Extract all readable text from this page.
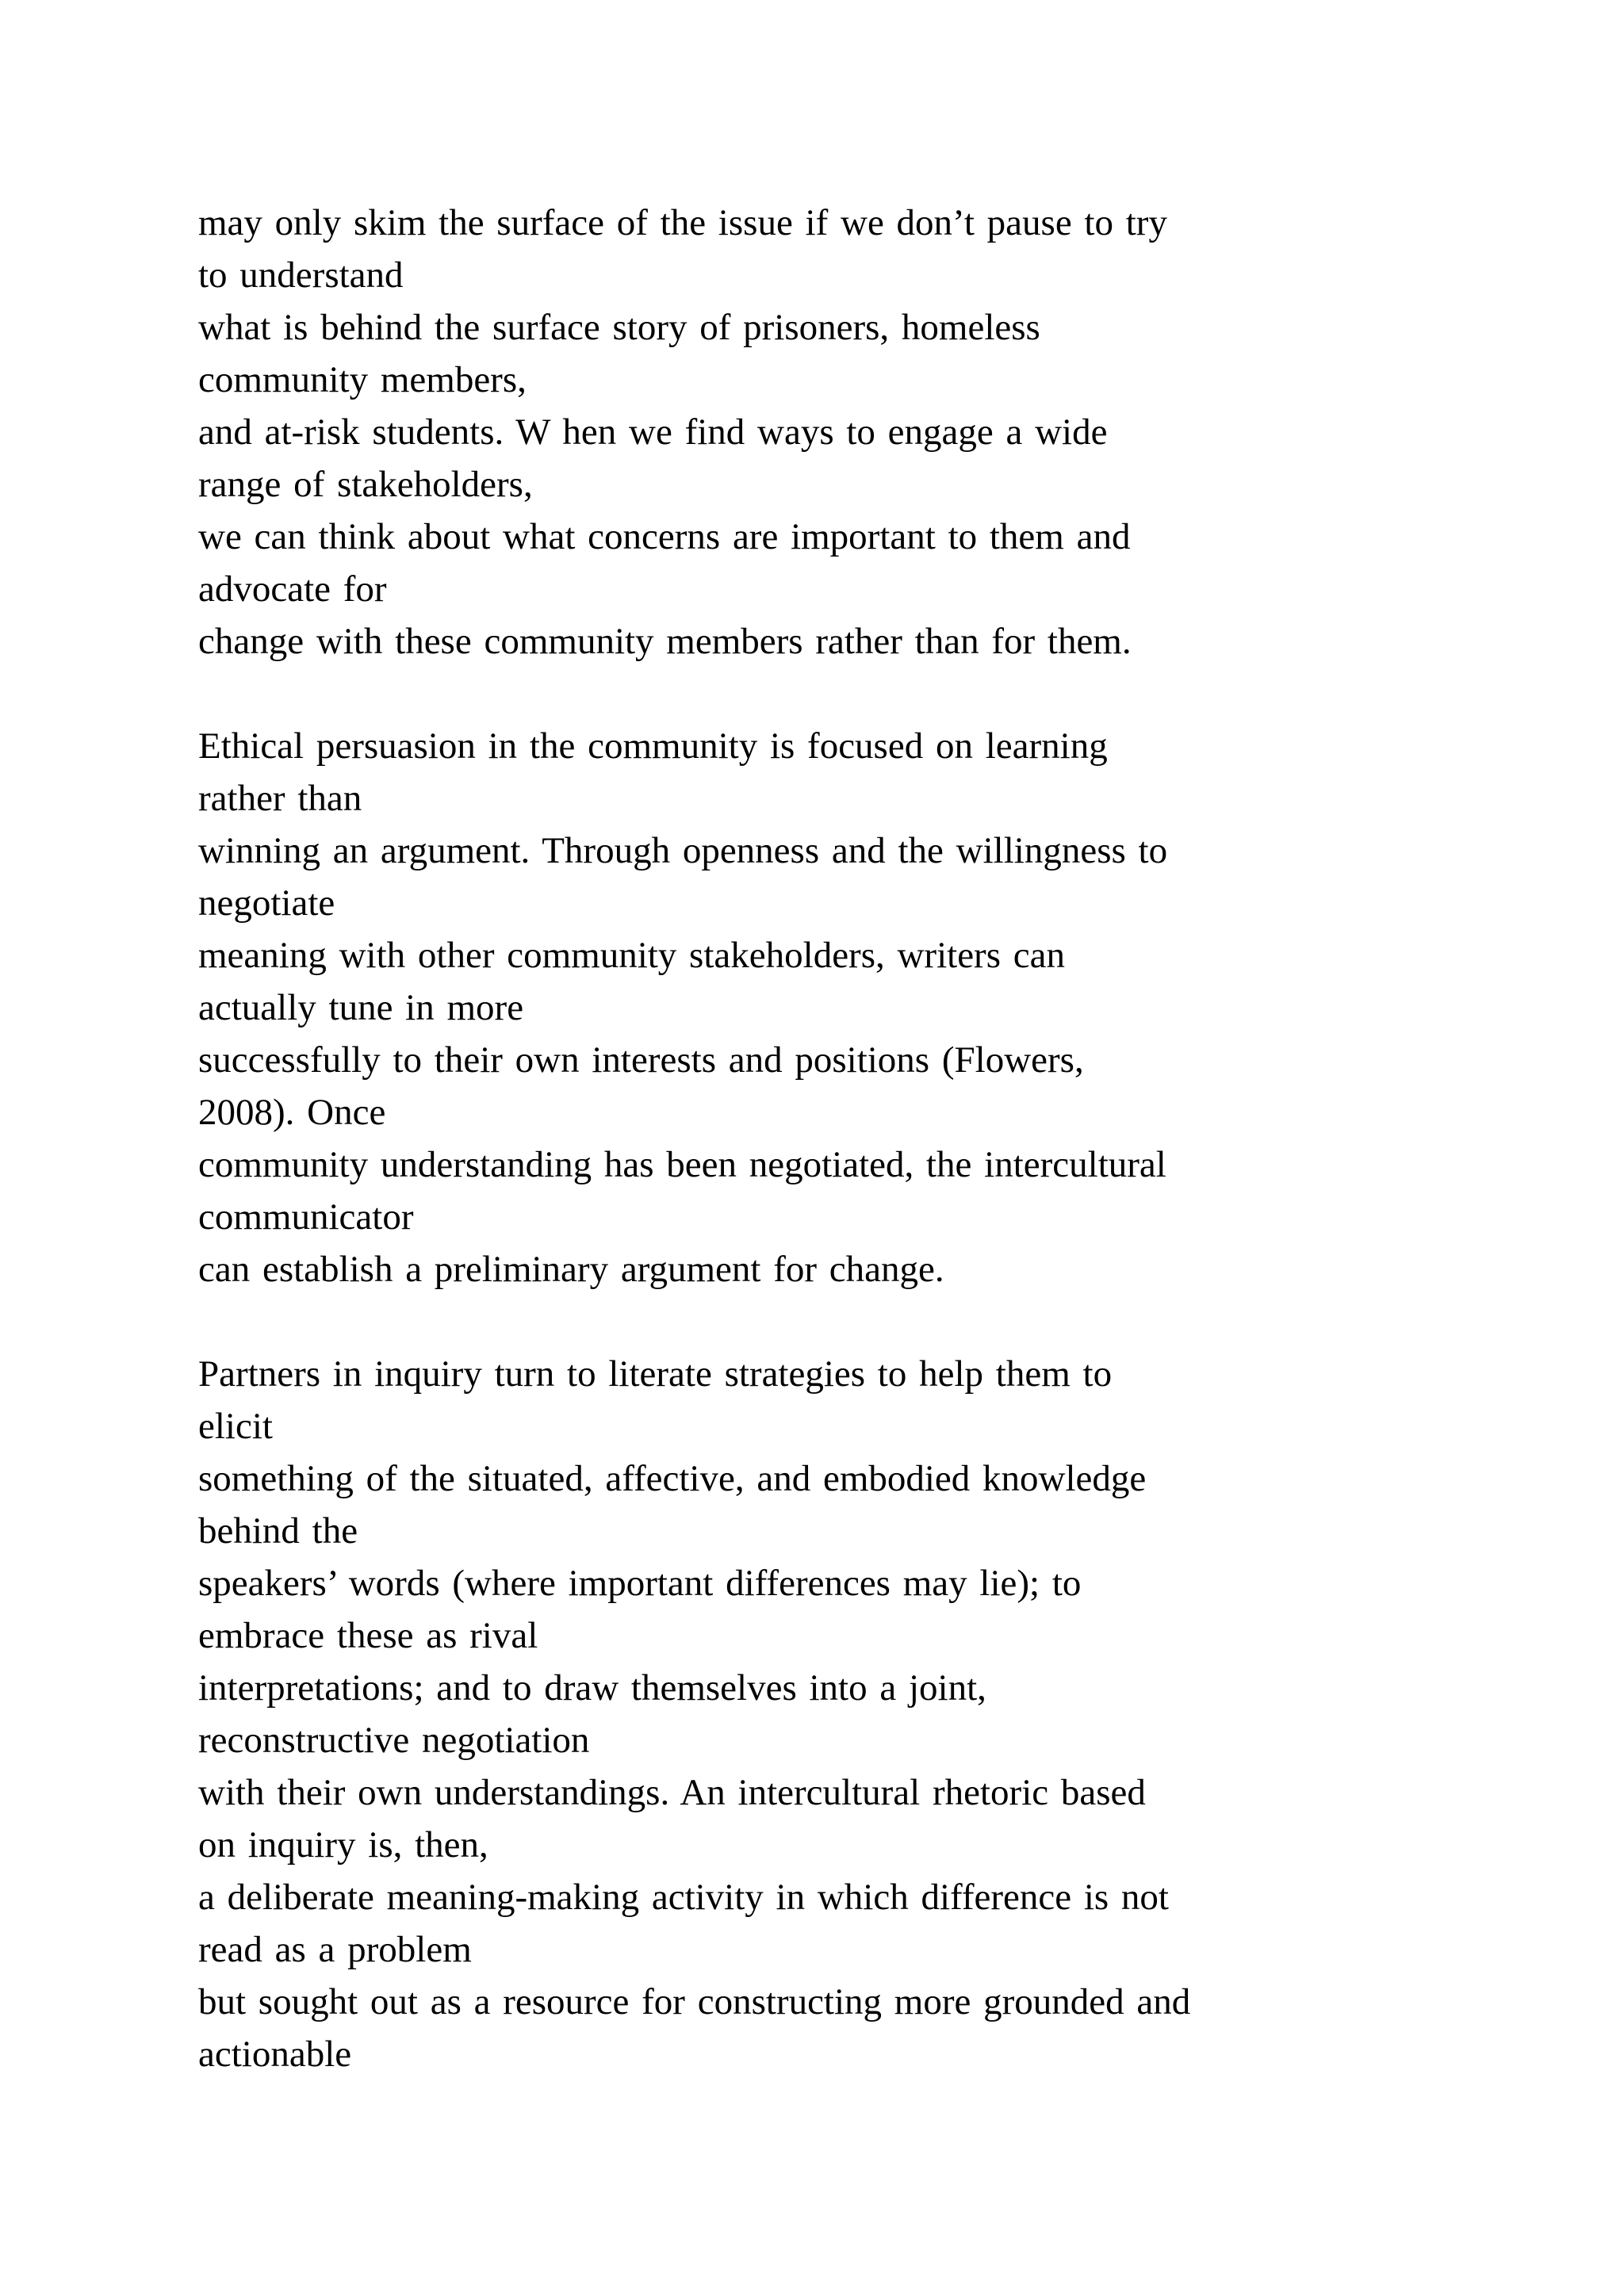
may only skim the surface of the issue if we don’t pause to try
to understand
what is behind the surface story of prisoners, homeless
community members,
and at-risk students. W hen we find ways to engage a wide
range of stakeholders,
we can think about what concerns are important to them and
advocate for
change with these community members rather than for them.

Ethical persuasion in the community is focused on learning
rather than
winning an argument. Through openness and the willingness to
negotiate
meaning with other community stakeholders, writers can
actually tune in more
successfully to their own interests and positions (Flowers,
2008). Once
community understanding has been negotiated, the intercultural
communicator
can establish a preliminary argument for change.

Partners in inquiry turn to literate strategies to help them to
elicit
something of the situated, affective, and embodied knowledge
behind the
speakers’ words (where important differences may lie); to
embrace these as rival
interpretations; and to draw themselves into a joint,
reconstructive negotiation
with their own understandings. An intercultural rhetoric based
on inquiry is, then,
a deliberate meaning-making activity in which difference is not
read as a problem
but sought out as a resource for constructing more grounded and
actionable
